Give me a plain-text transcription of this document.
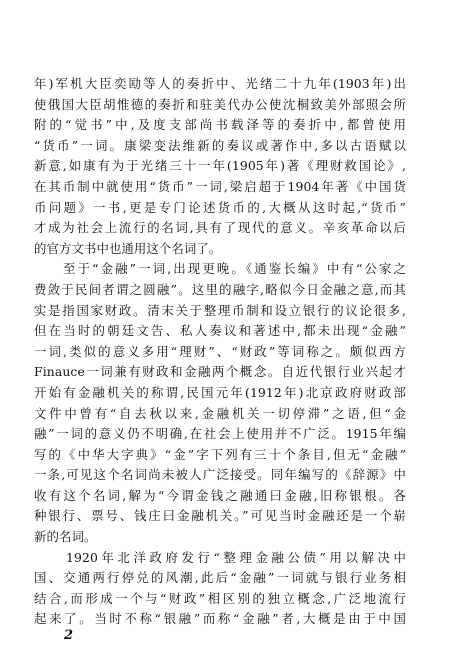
年)军机大臣奕劻等人的奏折中、光绪二十九年(1903年)出
使俄国大臣胡惟德的奏折和驻美代办公使沈桐致美外部照会所
附的“觉书”中,及度支部尚书载泽等的奏折中,都曾使用
“货币”一词。康梁变法维新的奏议或著作中,多以古语赋以
新意,如康有为于光绪三十一年(1905年)著《理财救国论》,
在其币制中就使用“货币”一词,梁启超于1904年著《中国货
币问题》一书,更是专门论述货币的,大概从这时起,“货币”
才成为社会上流行的名词,具有了现代的意义。辛亥革命以后
的官方文书中也通用这个名词了。
　　至于“金融”一词,出现更晚。《通鉴长编》中有“公家之
费敛于民间者谓之圆融”。这里的融字,略似今日金融之意,而其
实是指国家财政。清末关于整理币制和设立银行的议论很多,
但在当时的朝廷文告、私人奏议和著述中,都未出现“金融”
一词,类似的意义多用“理财”、“财政”等词称之。颇似西方
Finauce一词兼有财政和金融两个概念。自近代银行业兴起才
开始有金融机关的称谓,民国元年(1912年)北京政府财政部
文件中曾有“自去秋以来,金融机关一切停滞”之语,但“金
融”一词的意义仍不明确,在社会上使用并不广泛。1915年编
写的《中华大字典》“金”字下列有三十个条目,但无“金融”
一条,可见这个名词尚未被人广泛接受。同年编写的《辞源》中
收有这个名词,解为“今谓金钱之融通曰金融,旧称银根。各
种银行、票号、钱庄曰金融机关。”可见当时金融还是一个崭
新的名词。
　　1920年北洋政府发行“整理金融公债”用以解决中
国、交通两行停兑的风潮,此后“金融”一词就与银行业务相
结合,而形成一个与“财政”相区别的独立概念,广泛地流行
起来了。当时不称“银融”而称“金融”者,大概是由于中国
2
